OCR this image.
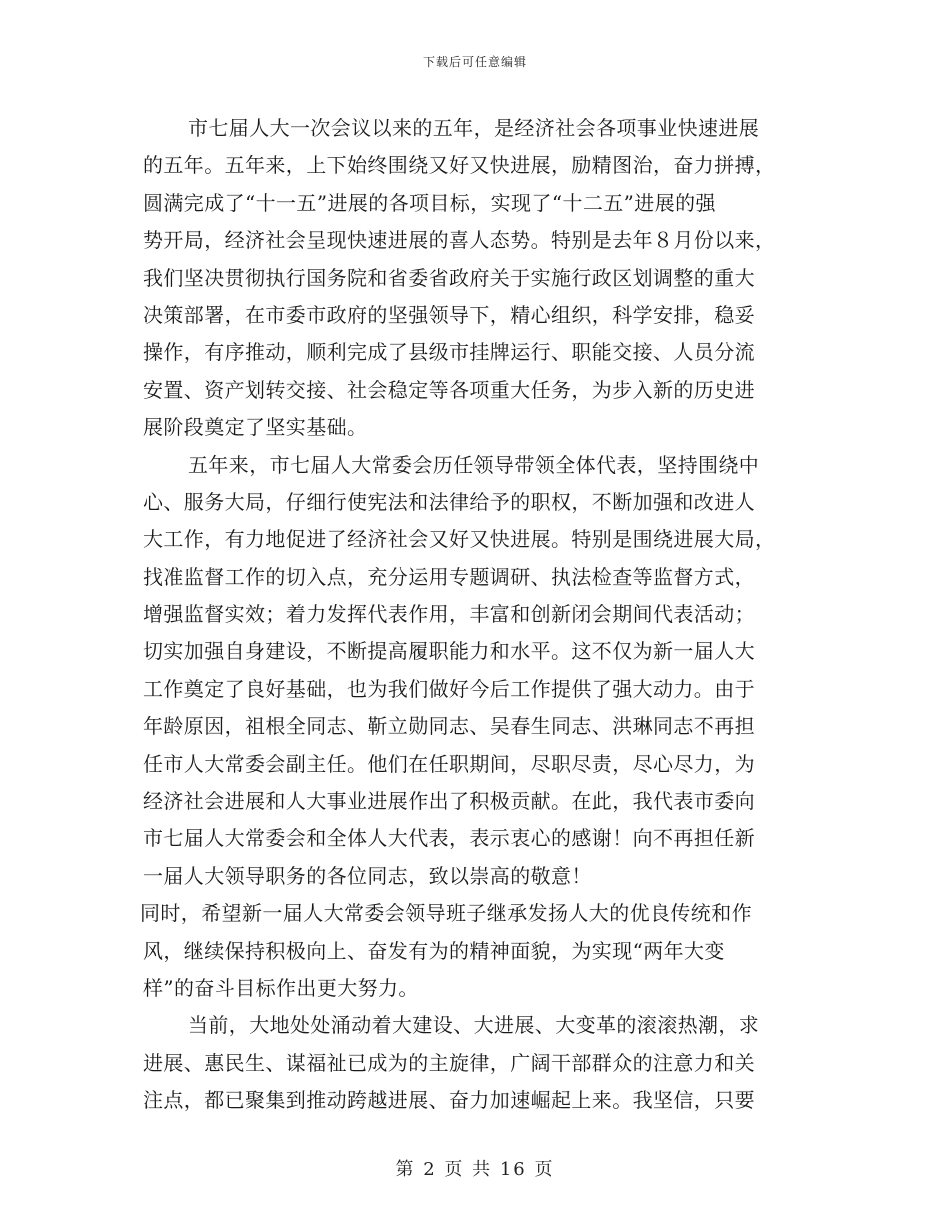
下载后可任意编辑
市七届人大一次会议以来的五年，是经济社会各项事业快速进展
的五年。五年来，上下始终围绕又好又快进展，励精图治，奋力拼搏，
圆满完成了“十一五”进展的各项目标，实现了“十二五”进展的强
势开局，经济社会呈现快速进展的喜人态势。特别是去年８月份以来，
我们坚决贯彻执行国务院和省委省政府关于实施行政区划调整的重大
决策部署，在市委市政府的坚强领导下，精心组织，科学安排，稳妥
操作，有序推动，顺利完成了县级市挂牌运行、职能交接、人员分流
安置、资产划转交接、社会稳定等各项重大任务，为步入新的历史进
展阶段奠定了坚实基础。
五年来，市七届人大常委会历任领导带领全体代表，坚持围绕中
心、服务大局，仔细行使宪法和法律给予的职权，不断加强和改进人
大工作，有力地促进了经济社会又好又快进展。特别是围绕进展大局，
找准监督工作的切入点，充分运用专题调研、执法检查等监督方式，
增强监督实效；着力发挥代表作用，丰富和创新闭会期间代表活动；
切实加强自身建设，不断提高履职能力和水平。这不仅为新一届人大
工作奠定了良好基础，也为我们做好今后工作提供了强大动力。由于
年龄原因，祖根全同志、靳立勋同志、吴春生同志、洪琳同志不再担
任市人大常委会副主任。他们在任职期间，尽职尽责，尽心尽力，为
经济社会进展和人大事业进展作出了积极贡献。在此，我代表市委向
市七届人大常委会和全体人大代表，表示衷心的感谢！向不再担任新
一届人大领导职务的各位同志，致以崇高的敬意！
同时，希望新一届人大常委会领导班子继承发扬人大的优良传统和作
风，继续保持积极向上、奋发有为的精神面貌，为实现“两年大变
样”的奋斗目标作出更大努力。
当前，大地处处涌动着大建设、大进展、大变革的滚滚热潮，求
进展、惠民生、谋福祉已成为的主旋律，广阔干部群众的注意力和关
注点，都已聚集到推动跨越进展、奋力加速崛起上来。我坚信，只要
第 2 页 共 16 页
